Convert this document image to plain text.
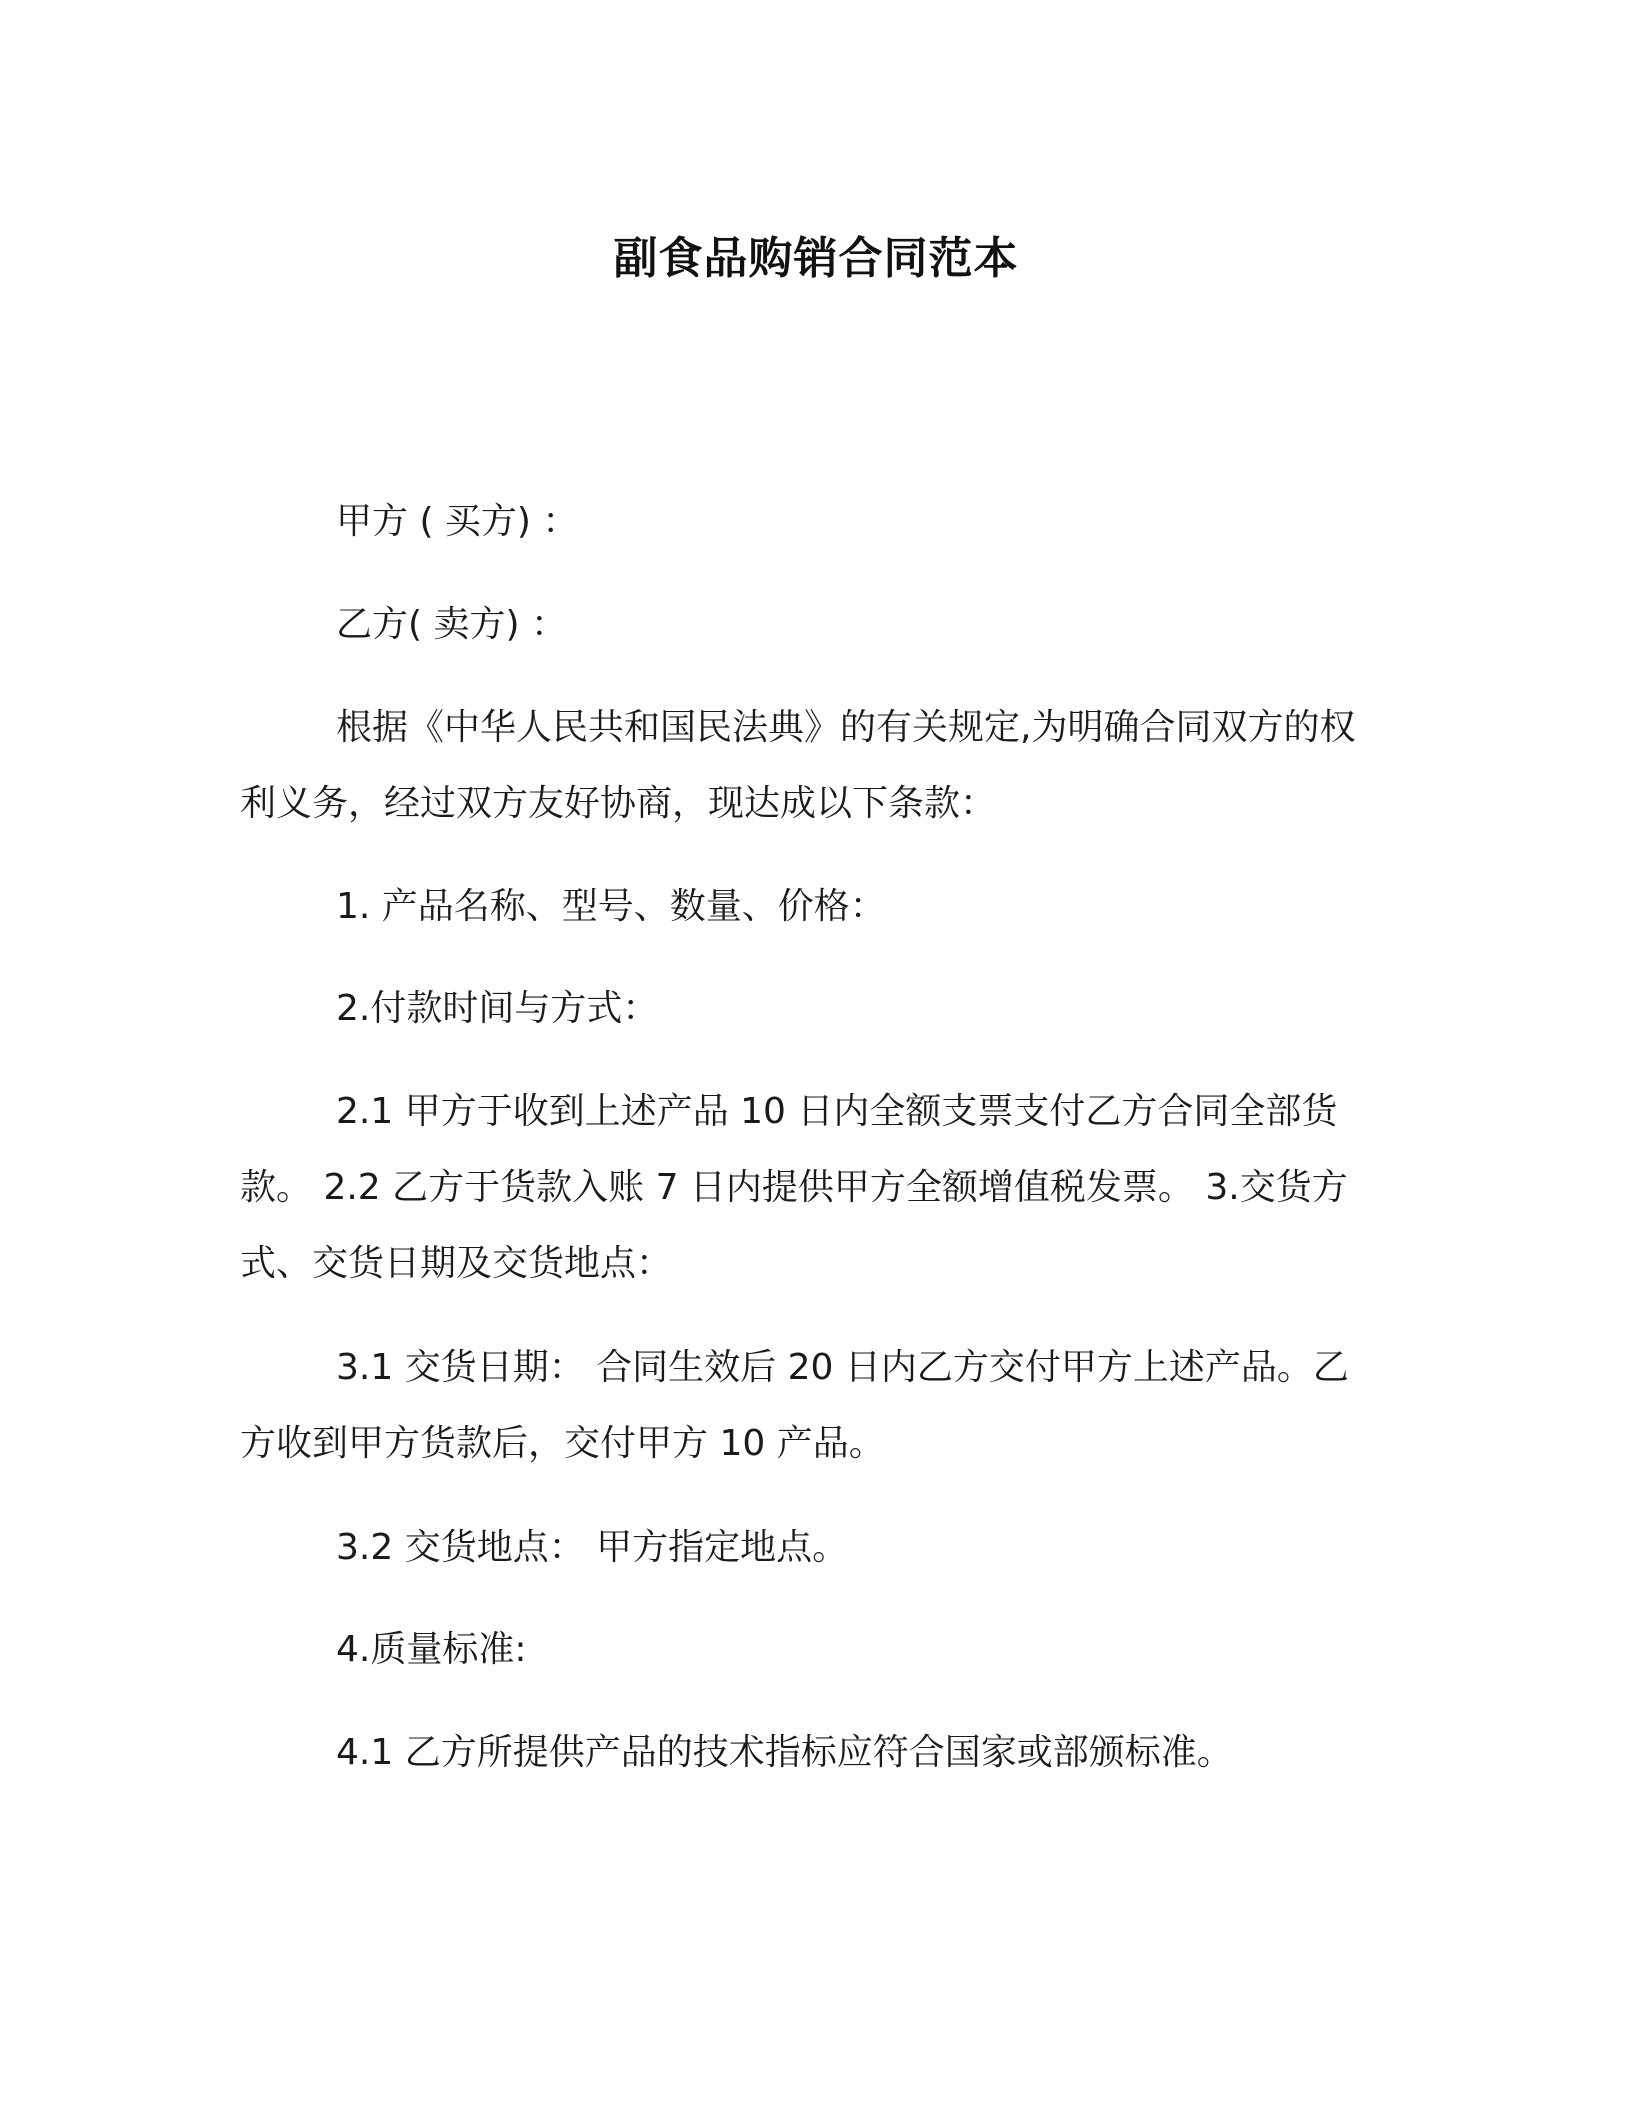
副食品购销合同范本

甲方 ( 买方) ：

乙方( 卖方) ：

根据《中华人民共和国民法典》的有关规定,为明确合同双方的权利义务，经过双方友好协商，现达成以下条款：

1. 产品名称、型号、数量、价格：

2.付款时间与方式：

2.1 甲方于收到上述产品 10 日内全额支票支付乙方合同全部货款。 2.2 乙方于货款入账 7 日内提供甲方全额增值税发票。 3.交货方式、交货日期及交货地点：

3.1 交货日期： 合同生效后 20 日内乙方交付甲方上述产品。乙方收到甲方货款后，交付甲方 10 产品。

3.2 交货地点： 甲方指定地点。

4.质量标准:

4.1 乙方所提供产品的技术指标应符合国家或部颁标准。
